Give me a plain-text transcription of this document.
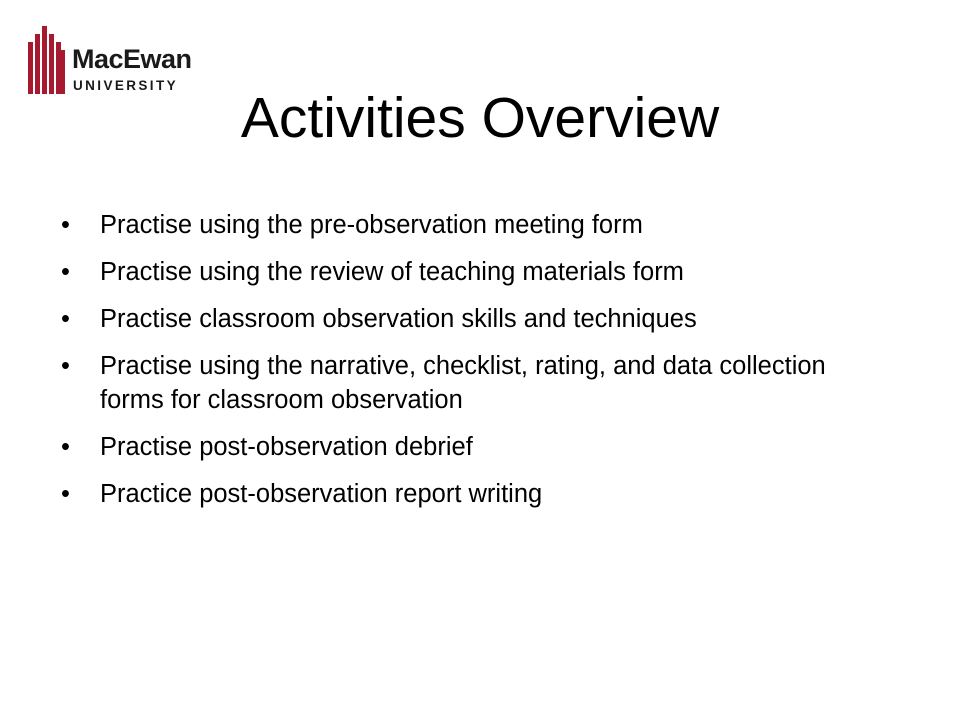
MacEwan
UNIVERSITY
Activities Overview
• Practise using the pre-observation meeting form
• Practise using the review of teaching materials form
• Practise classroom observation skills and techniques
• Practise using the narrative, checklist, rating, and data collection forms for classroom observation
• Practise post-observation debrief
• Practice post-observation report writing
